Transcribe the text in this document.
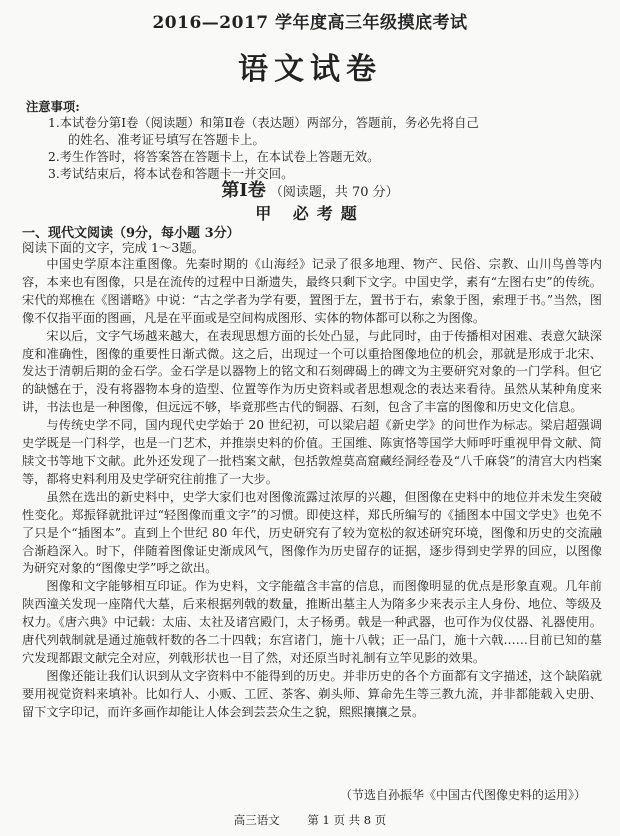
2016—2017 学年度高三年级摸底考试
语文试卷
注意事项:
1.本试卷分第Ⅰ卷（阅读题）和第Ⅱ卷（表达题）两部分，答题前，务必先将自己
的姓名、准考证号填写在答题卡上。
2.考生作答时，将答案答在答题卡上，在本试卷上答题无效。
3.考试结束后，将本试卷和答题卡一并交回。
第Ⅰ卷 （阅读题，共 70 分）
甲 必考题
一、现代文阅读（9分，每小题 3分）
阅读下面的文字，完成 1～3题。

中国史学原本注重图像。先秦时期的《山海经》记录了很多地理、物产、民俗、宗教、山川鸟兽等内容，本来也有图像，只是在流传的过程中日渐遗失，最终只剩下文字。中国史学，素有“左图右史”的传统。宋代的郑樵在《图谱略》中说：“古之学者为学有要，置图于左，置书于右，索象于图，索理于书。”当然，图像不仅指平面的图画，凡是在平面或是空间构成图形、实体的物体都可以称之为图像。

宋以后，文字气场越来越大，在表现思想方面的长处凸显，与此同时，由于传播相对困难、表意欠缺深度和准确性，图像的重要性日渐式微。这之后，出现过一个可以重拾图像地位的机会，那就是形成于北宋、发达于清朝后期的金石学。金石学是以器物上的铭文和石刻碑碣上的碑文为主要研究对象的一门学科。但它的缺憾在于，没有将器物本身的造型、位置等作为历史资料或者思想观念的表达来看待。虽然从某种角度来讲，书法也是一种图像，但远远不够，毕竟那些古代的铜器、石刻，包含了丰富的图像和历史文化信息。

与传统史学不同，国内现代史学始于 20 世纪初，可以梁启超《新史学》的问世作为标志。梁启超强调史学既是一门科学，也是一门艺术，并推崇史料的价值。王国维、陈寅恪等国学大师呼吁重视甲骨文献、简牍文书等地下文献。此外还发现了一批档案文献，包括敦煌莫高窟藏经洞经卷及“八千麻袋”的清宫大内档案等，都将史料利用及史学研究往前推了一大步。

虽然在选出的新史料中，史学大家们也对图像流露过浓厚的兴趣，但图像在史料中的地位并未发生突破性变化。郑振铎就批评过“轻图像而重文字”的习惯。即使这样，郑氏所编写的《插图本中国文学史》也免不了只是个“插图本”。直到上个世纪 80 年代，历史研究有了较为宽松的叙述研究环境，图像和历史的交流融合渐趋深入。时下，伴随着图像证史渐成风气，图像作为历史留存的证据，逐步得到史学界的回应，以图像为研究对象的“图像史学”呼之欲出。

图像和文字能够相互印证。作为史料，文字能蕴含丰富的信息，而图像明显的优点是形象直观。几年前陕西潼关发现一座隋代大墓，后来根据列戟的数量，推断出墓主人为隋多少来表示主人身份、地位、等级及权力。《唐六典》中记载：太庙、太社及诸宫殿门，太子杨勇。戟是一种武器，也可作为仪仗器、礼器使用。唐代列戟制就是通过施戟杆数的各二十四戟；东宫诸门，施十八戟；正一品门，施十六戟……目前已知的墓穴发现都跟文献完全对应，列戟形状也一目了然，对还原当时礼制有立竿见影的效果。

图像还能让我们认识到从文字资料中不能得到的历史。并非历史的各个方面都有文字描述，这个缺陷就要用视觉资料来填补。比如行人、小贩、工匠、茶客、剃头师、算命先生等三教九流，并非都能载入史册、留下文字印记，而许多画作却能让人体会到芸芸众生之貌，熙熙攘攘之景。

（节选自孙振华《中国古代图像史料的运用》）
高三语文 第 1 页 共 8 页
